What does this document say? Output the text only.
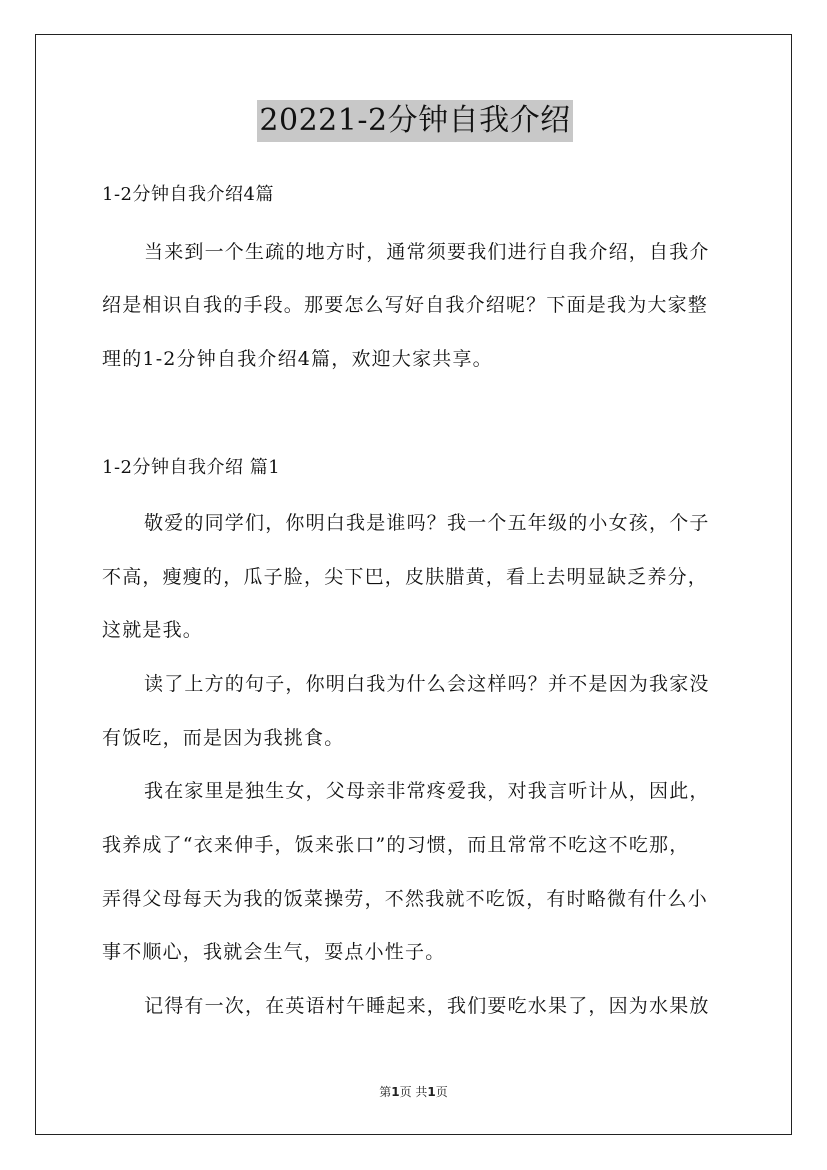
20221-2分钟自我介绍
1-2分钟自我介绍4篇
当来到一个生疏的地方时，通常须要我们进行自我介绍，自我介
绍是相识自我的手段。那要怎么写好自我介绍呢？下面是我为大家整
理的1-2分钟自我介绍4篇，欢迎大家共享。
1-2分钟自我介绍 篇1
敬爱的同学们，你明白我是谁吗？我一个五年级的小女孩，个子
不高，瘦瘦的，瓜子脸，尖下巴，皮肤腊黄，看上去明显缺乏养分，
这就是我。
读了上方的句子，你明白我为什么会这样吗？并不是因为我家没
有饭吃，而是因为我挑食。
我在家里是独生女，父母亲非常疼爱我，对我言听计从，因此，
我养成了“衣来伸手，饭来张口”的习惯，而且常常不吃这不吃那，
弄得父母每天为我的饭菜操劳，不然我就不吃饭，有时略微有什么小
事不顺心，我就会生气，耍点小性子。
记得有一次，在英语村午睡起来，我们要吃水果了，因为水果放
第1页 共1页
